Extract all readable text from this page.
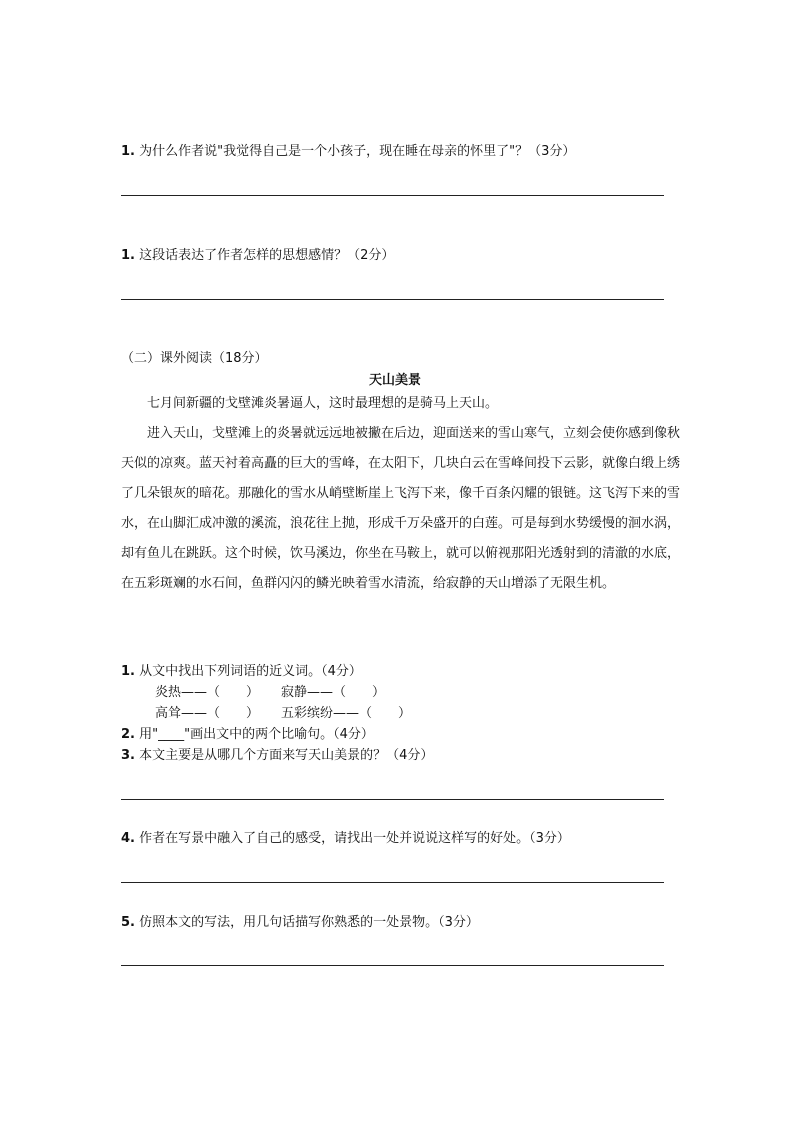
1. 为什么作者说"我觉得自己是一个小孩子，现在睡在母亲的怀里了"？（3分）
1. 这段话表达了作者怎样的思想感情？（2分）
（二）课外阅读（18分）
天山美景

七月间新疆的戈壁滩炎暑逼人，这时最理想的是骑马上天山。

进入天山，戈壁滩上的炎暑就远远地被撇在后边，迎面送来的雪山寒气，立刻会使你感到像秋天似的凉爽。蓝天衬着高矗的巨大的雪峰，在太阳下，几块白云在雪峰间投下云影，就像白缎上绣了几朵银灰的暗花。那融化的雪水从峭壁断崖上飞泻下来，像千百条闪耀的银链。这飞泻下来的雪水，在山脚汇成冲激的溪流，浪花往上抛，形成千万朵盛开的白莲。可是每到水势缓慢的洄水涡，却有鱼儿在跳跃。这个时候，饮马溪边，你坐在马鞍上，就可以俯视那阳光透射到的清澈的水底，在五彩斑斓的水石间，鱼群闪闪的鳞光映着雪水清流，给寂静的天山增添了无限生机。

1. 从文中找出下列词语的近义词。（4分）
炎热——（　　） 寂静——（　　）
高耸——（　　） 五彩缤纷——（　　）
2. 用"____"画出文中的两个比喻句。（4分）
3. 本文主要是从哪几个方面来写天山美景的？（4分）
4. 作者在写景中融入了自己的感受，请找出一处并说说这样写的好处。（3分）
5. 仿照本文的写法，用几句话描写你熟悉的一处景物。（3分）
